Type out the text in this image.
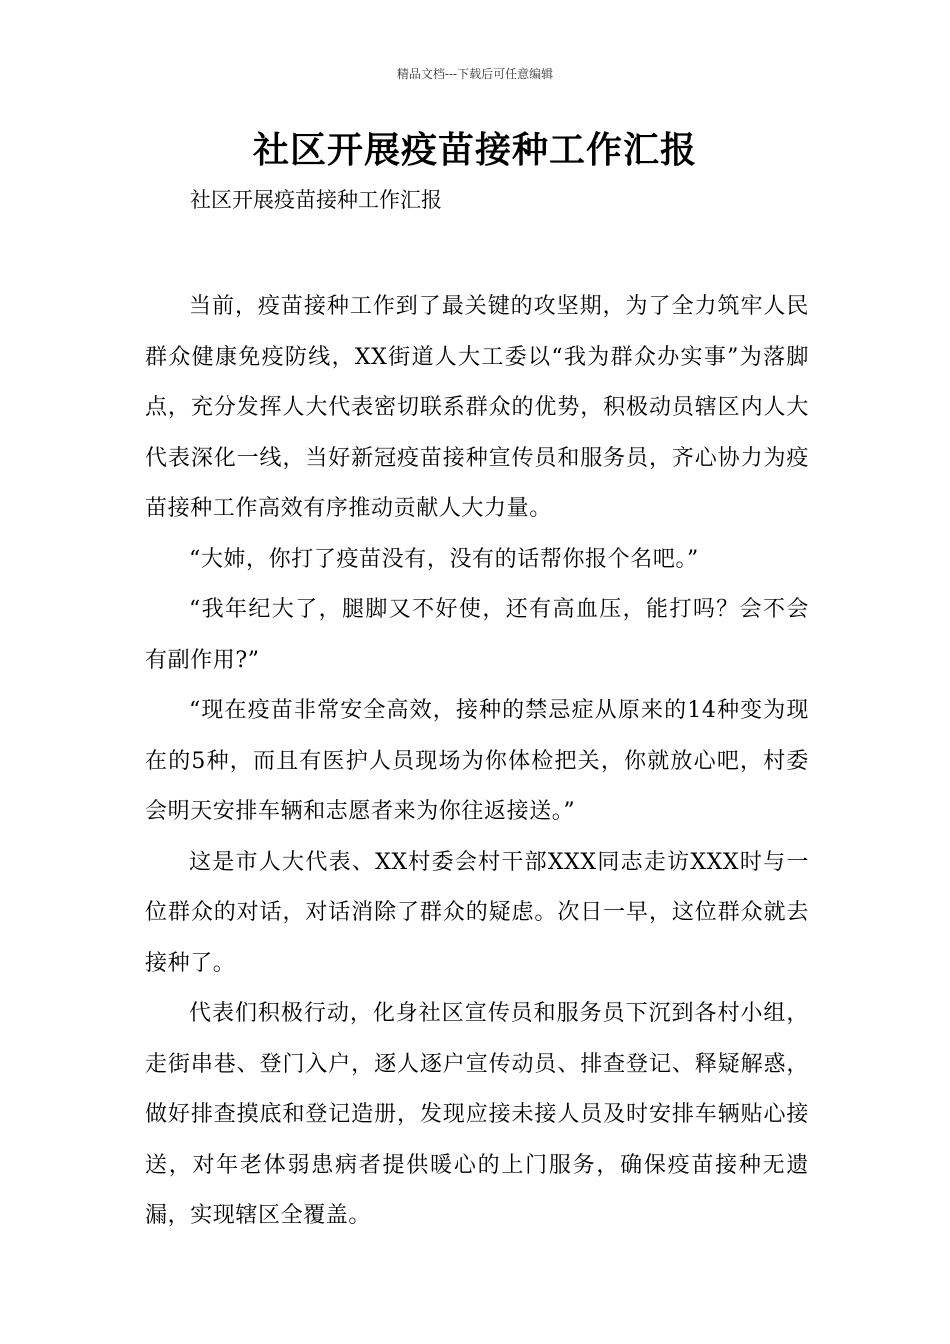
精品文档---下载后可任意编辑
社区开展疫苗接种工作汇报
社区开展疫苗接种工作汇报

当前，疫苗接种工作到了最关键的攻坚期，为了全力筑牢人民群众健康免疫防线，XX街道人大工委以“我为群众办实事”为落脚点，充分发挥人大代表密切联系群众的优势，积极动员辖区内人大代表深化一线，当好新冠疫苗接种宣传员和服务员，齐心协力为疫苗接种工作高效有序推动贡献人大力量。

“大姉，你打了疫苗没有，没有的话帮你报个名吧。”

“我年纪大了，腿脚又不好使，还有高血压，能打吗？会不会有副作用?”

“现在疫苗非常安全高效，接种的禁忌症从原来的14种变为现在的5种，而且有医护人员现场为你体检把关，你就放心吧，村委会明天安排车辆和志愿者来为你往返接送。”

这是市人大代表、XX村委会村干部XXX同志走访XXX时与一位群众的对话，对话消除了群众的疑虑。次日一早，这位群众就去接种了。

代表们积极行动，化身社区宣传员和服务员下沉到各村小组，走街串巷、登门入户，逐人逐户宣传动员、排查登记、释疑解惑，做好排查摸底和登记造册，发现应接未接人员及时安排车辆贴心接送，对年老体弱患病者提供暖心的上门服务，确保疫苗接种无遗漏，实现辖区全覆盖。
